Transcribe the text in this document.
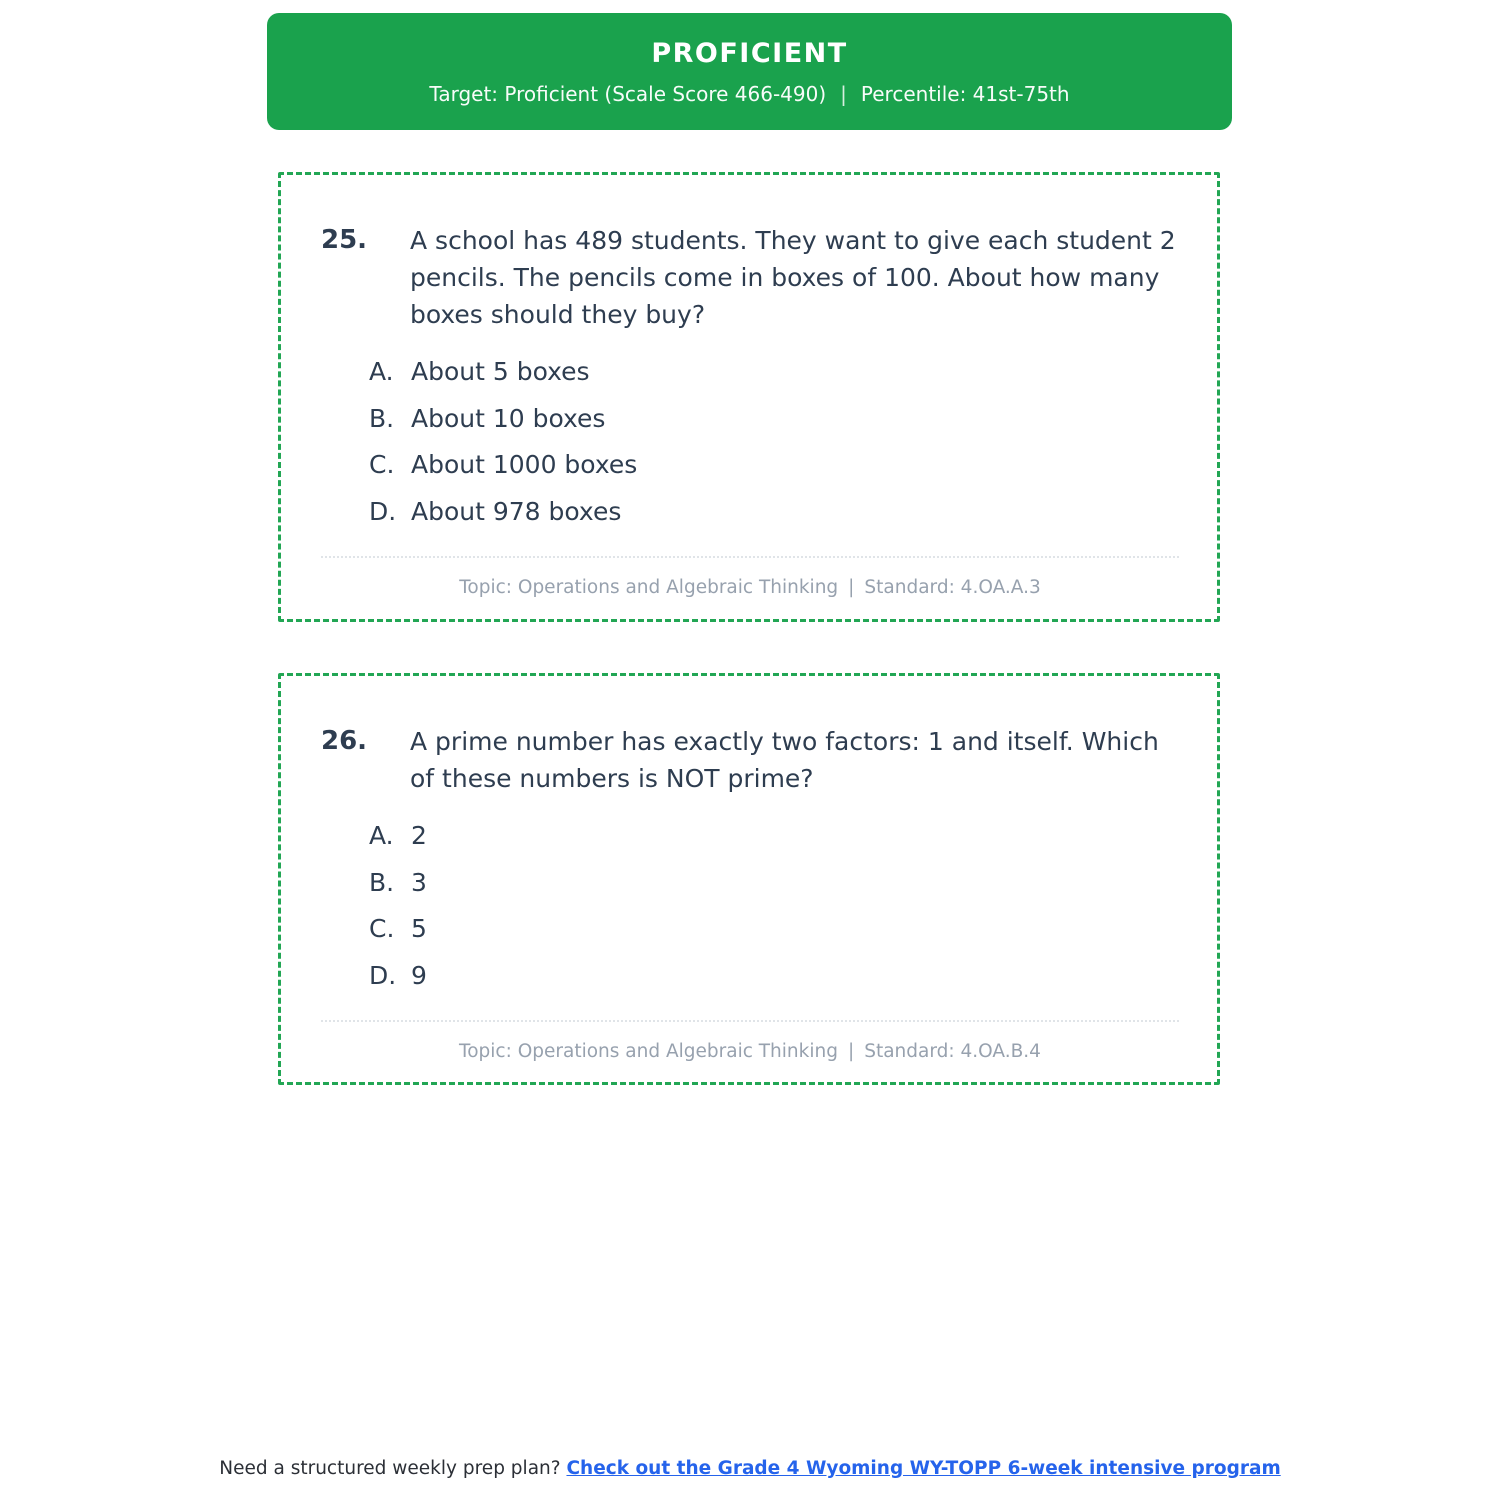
PROFICIENT
Target: Proficient (Scale Score 466-490) | Percentile: 41st-75th
25.	A school has 489 students. They want to give each student 2 pencils. The pencils come in boxes of 100. About how many boxes should they buy?
A. About 5 boxes
B. About 10 boxes
C. About 1000 boxes
D. About 978 boxes
Topic: Operations and Algebraic Thinking | Standard: 4.OA.A.3
26.	A prime number has exactly two factors: 1 and itself. Which of these numbers is NOT prime?
A. 2
B. 3
C. 5
D. 9
Topic: Operations and Algebraic Thinking | Standard: 4.OA.B.4
Need a structured weekly prep plan? Check out the Grade 4 Wyoming WY-TOPP 6-week intensive program
